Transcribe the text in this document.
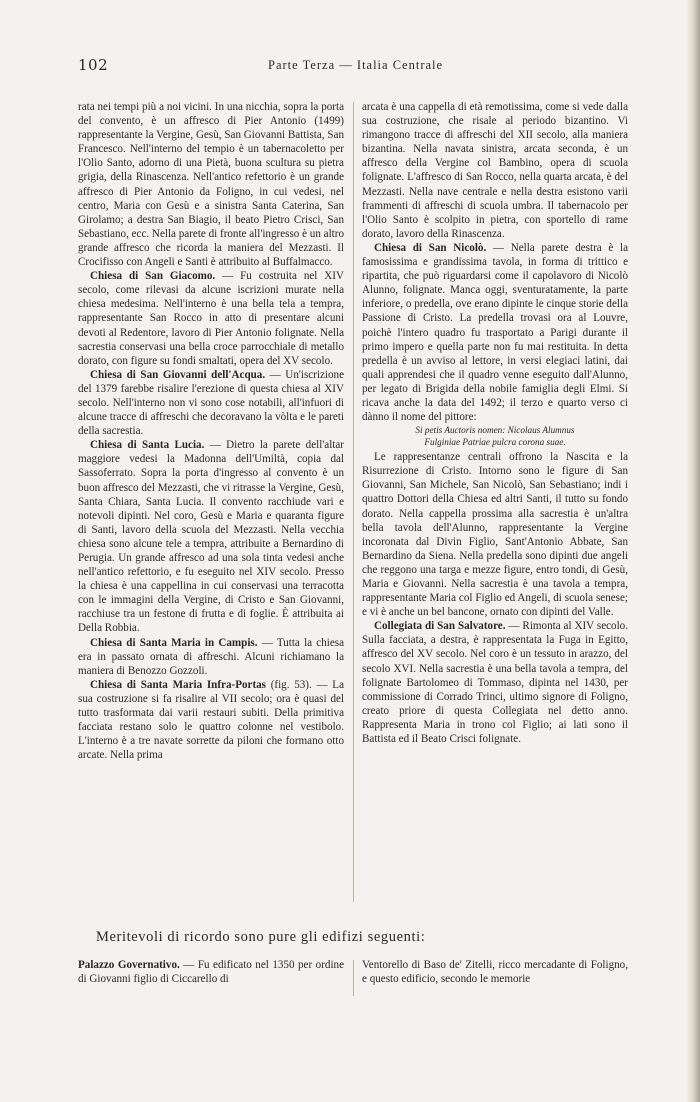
102	Parte Terza — Italia Centrale

rata nei tempi più a noi vicini. In una nicchia, sopra la porta del convento, è un affresco di Pier Antonio (1499) rappresentante la Vergine, Gesù, San Giovanni Battista, San Francesco. Nell'interno del tempio è un tabernacoletto per l'Olio Santo, adorno di una Pietà, buona scultura su pietra grigia, della Rinascenza. Nell'antico refettorio è un grande affresco di Pier Antonio da Foligno, in cui vedesi, nel centro, Maria con Gesù e a sinistra Santa Caterina, San Girolamo; a destra San Biagio, il beato Pietro Crisci, San Sebastiano, ecc. Nella parete di fronte all'ingresso è un altro grande affresco che ricorda la maniera del Mezzasti. Il Crocifisso con Angeli e Santi è attribuito al Buffalmacco.

Chiesa di San Giacomo. — Fu costruita nel XIV secolo, come rilevasi da alcune iscrizioni murate nella chiesa medesima. Nell'interno è una bella tela a tempra, rappresentante San Rocco in atto di presentare alcuni devoti al Redentore, lavoro di Pier Antonio folignate. Nella sacrestia conservasi una bella croce parrocchiale di metallo dorato, con figure su fondi smaltati, opera del XV secolo.

Chiesa di San Giovanni dell'Acqua. — Un'iscrizione del 1379 farebbe risalire l'erezione di questa chiesa al XIV secolo. Nell'interno non vi sono cose notabili, all'infuori di alcune tracce di affreschi che decoravano la vòlta e le pareti della sacrestia.

Chiesa di Santa Lucia. — Dietro la parete dell'altar maggiore vedesi la Madonna dell'Umiltà, copia dal Sassoferrato. Sopra la porta d'ingresso al convento è un buon affresco del Mezzasti, che vi ritrasse la Vergine, Gesù, Santa Chiara, Santa Lucia. Il convento racchiude vari e notevoli dipinti. Nel coro, Gesù e Maria e quaranta figure di Santi, lavoro della scuola del Mezzasti. Nella vecchia chiesa sono alcune tele a tempra, attribuite a Bernardino di Perugia. Un grande affresco ad una sola tinta vedesi anche nell'antico refettorio, e fu eseguito nel XIV secolo. Presso la chiesa è una cappellina in cui conservasi una terracotta con le immagini della Vergine, di Cristo e San Giovanni, racchiuse tra un festone di frutta e di foglie. È attribuita ai Della Robbia.

Chiesa di Santa Maria in Campis. — Tutta la chiesa era in passato ornata di affreschi. Alcuni richiamano la maniera di Benozzo Gozzoli.

Chiesa di Santa Maria Infra-Portas (fig. 53). — La sua costruzione si fa risalire al VII secolo; ora è quasi del tutto trasformata dai varii restauri subiti. Della primitiva facciata restano solo le quattro colonne nel vestibolo. L'interno è a tre navate sorrette da piloni che formano otto arcate. Nella prima

arcata è una cappella di età remotissima, come si vede dalla sua costruzione, che risale al periodo bizantino. Vi rimangono tracce di affreschi del XII secolo, alla maniera bizantina. Nella navata sinistra, arcata seconda, è un affresco della Vergine col Bambino, opera di scuola folignate. L'affresco di San Rocco, nella quarta arcata, è del Mezzasti. Nella nave centrale e nella destra esistono varii frammenti di affreschi di scuola umbra. Il tabernacolo per l'Olio Santo è scolpito in pietra, con sportello di rame dorato, lavoro della Rinascenza.

Chiesa di San Nicolò. — Nella parete destra è la famosissima e grandissima tavola, in forma di trittico e ripartita, che può riguardarsi come il capolavoro di Nicolò Alunno, folignate. Manca oggi, sventuratamente, la parte inferiore, o predella, ove erano dipinte le cinque storie della Passione di Cristo. La predella trovasi ora al Louvre, poichè l'intero quadro fu trasportato a Parigi durante il primo impero e quella parte non fu mai restituita. In detta predella è un avviso al lettore, in versi elegiaci latini, dai quali apprendesi che il quadro venne eseguito dall'Alunno, per legato di Brigida della nobile famiglia degli Elmi. Si ricava anche la data del 1492; il terzo e quarto verso ci dànno il nome del pittore:

Si petis Auctoris nomen: Nicolaus Alumnus
Fulginiae Patriae pulcra corona suae.

Le rappresentanze centrali offrono la Nascita e la Risurrezione di Cristo. Intorno sono le figure di San Giovanni, San Michele, San Nicolò, San Sebastiano; indi i quattro Dottori della Chiesa ed altri Santi, il tutto su fondo dorato. Nella cappella prossima alla sacrestia è un'altra bella tavola dell'Alunno, rappresentante la Vergine incoronata dal Divin Figlio, Sant'Antonio Abbate, San Bernardino da Siena. Nella predella sono dipinti due angeli che reggono una targa e mezze figure, entro tondi, di Gesù, Maria e Giovanni. Nella sacrestia è una tavola a tempra, rappresentante Maria col Figlio ed Angeli, di scuola senese; e vi è anche un bel bancone, ornato con dipinti del Valle.

Collegiata di San Salvatore. — Rimonta al XIV secolo. Sulla facciata, a destra, è rappresentata la Fuga in Egitto, affresco del XV secolo. Nel coro è un tessuto in arazzo, del secolo XVI. Nella sacrestia è una bella tavola a tempra, del folignate Bartolomeo di Tommaso, dipinta nel 1430, per commissione di Corrado Trinci, ultimo signore di Foligno, creato priore di questa Collegiata nel detto anno. Rappresenta Maria in trono col Figlio; ai lati sono il Battista ed il Beato Crisci folignate.

Meritevoli di ricordo sono pure gli edifizi seguenti:

Palazzo Governativo. — Fu edificato nel 1350 per ordine di Giovanni figlio di Ciccarello di

Ventorello di Baso de' Zitelli, ricco mercadante di Foligno, e questo edificio, secondo le memorie
